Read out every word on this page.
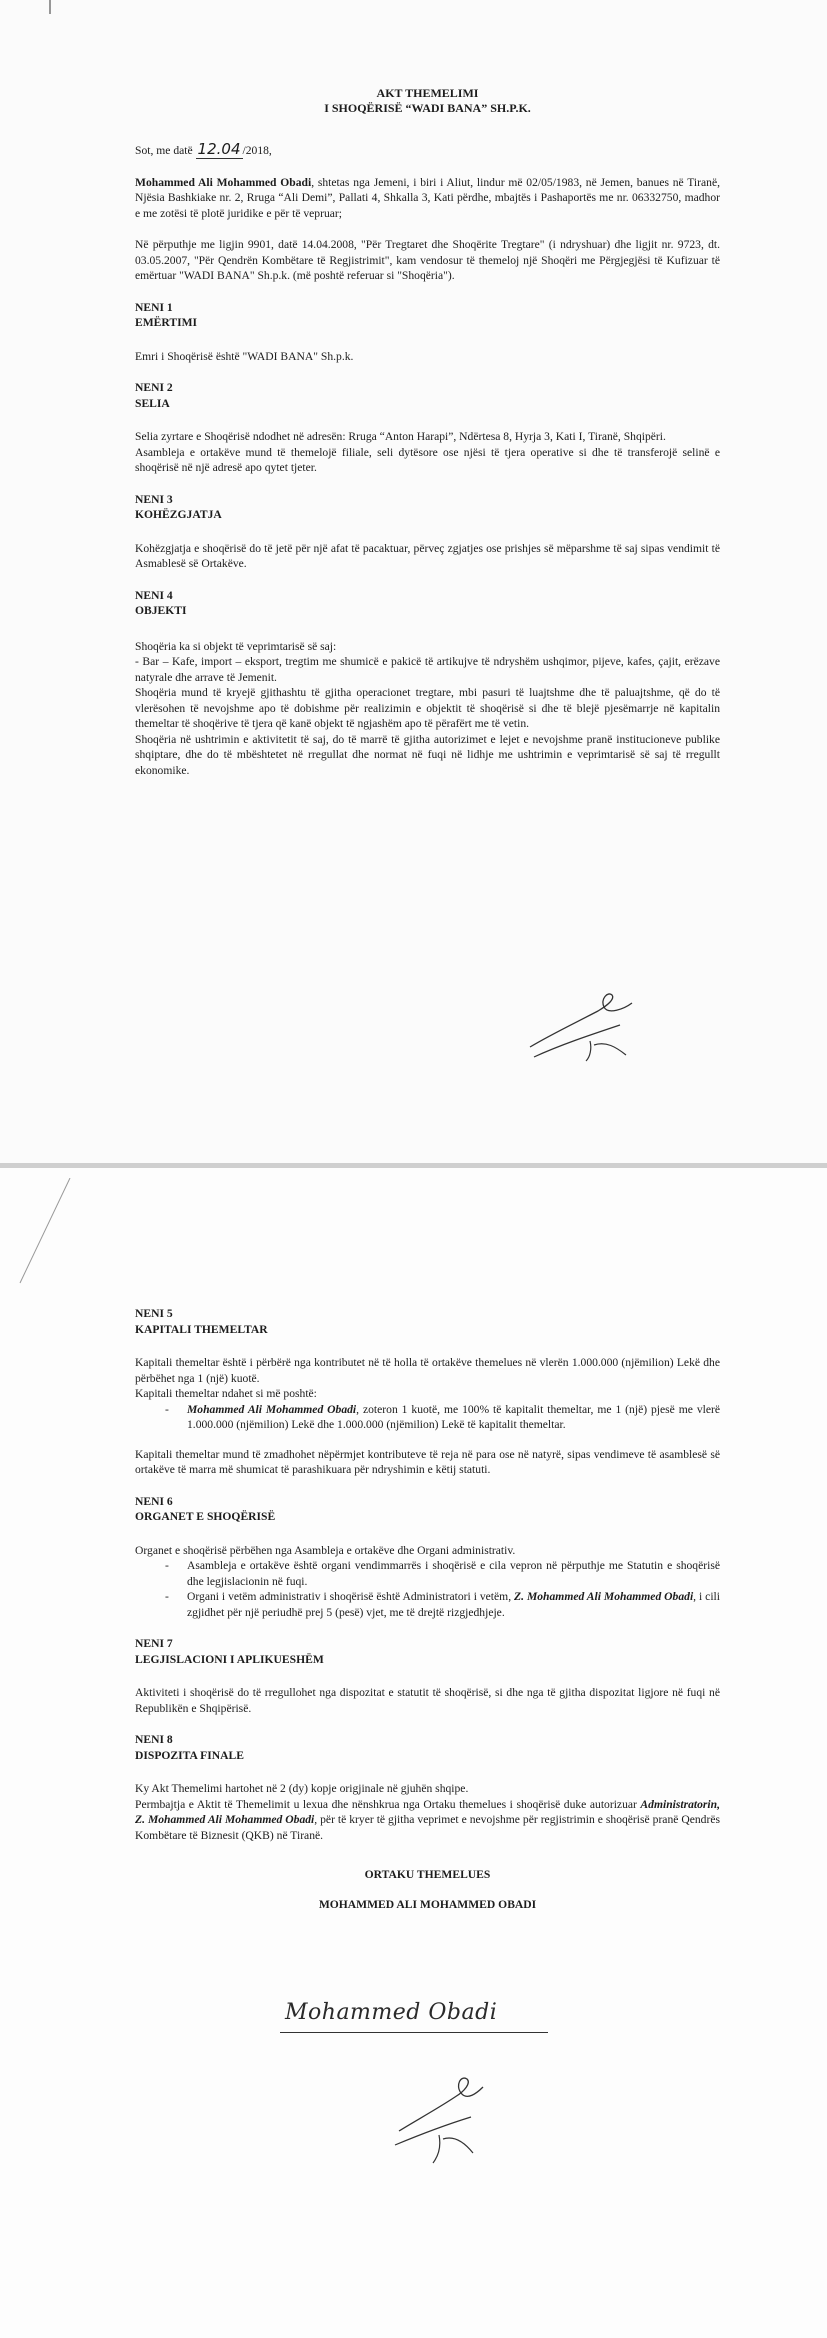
AKT THEMELIMI

I SHOQËRISË “WADI BANA” SH.P.K.

Sot, me datë 12.04 /2018,

Mohammed Ali Mohammed Obadi, shtetas nga Jemeni, i biri i Aliut, lindur më 02/05/1983, në Jemen, banues në Tiranë, Njësia Bashkiake nr. 2, Rruga “Ali Demi”, Pallati 4, Shkalla 3, Kati përdhe, mbajtës i Pashaportës me nr. 06332750, madhor e me zotësi të plotë juridike e për të vepruar;

Në përputhje me ligjin 9901, datë 14.04.2008, "Për Tregtaret dhe Shoqërite Tregtare" (i ndryshuar) dhe ligjit nr. 9723, dt. 03.05.2007, "Për Qendrën Kombëtare të Regjistrimit", kam vendosur të themeloj një Shoqëri me Përgjegjësi të Kufizuar të emërtuar "WADI BANA" Sh.p.k. (më poshtë referuar si "Shoqëria").

NENI 1

EMËRTIMI

Emri i Shoqërisë është "WADI BANA" Sh.p.k.

NENI 2

SELIA

Selia zyrtare e Shoqërisë ndodhet në adresën: Rruga “Anton Harapi”, Ndërtesa 8, Hyrja 3, Kati I, Tiranë, Shqipëri.

Asambleja e ortakëve mund të themelojë filiale, seli dytësore ose njësi të tjera operative si dhe të transferojë selinë e shoqërisë në një adresë apo qytet tjeter.

NENI 3

KOHËZGJATJA

Kohëzgjatja e shoqërisë do të jetë për një afat të pacaktuar, përveç zgjatjes ose prishjes së mëparshme të saj sipas vendimit të Asmablesë së Ortakëve.

NENI 4

OBJEKTI

Shoqëria ka si objekt të veprimtarisë së saj:

- Bar – Kafe, import – eksport, tregtim me shumicë e pakicë të artikujve të ndryshëm ushqimor, pijeve, kafes, çajit, erëzave natyrale dhe arrave të Jemenit.

Shoqëria mund të kryejë gjithashtu të gjitha operacionet tregtare, mbi pasuri të luajtshme dhe të paluajtshme, që do të vlerësohen të nevojshme apo të dobishme për realizimin e objektit të shoqërisë si dhe të blejë pjesëmarrje në kapitalin themeltar të shoqërive të tjera që kanë objekt të ngjashëm apo të përafërt me të vetin.

Shoqëria në ushtrimin e aktivitetit të saj, do të marrë të gjitha autorizimet e lejet e nevojshme pranë institucioneve publike shqiptare, dhe do të mbështetet në rregullat dhe normat në fuqi në lidhje me ushtrimin e veprimtarisë së saj të rregullt ekonomike.

NENI 5

KAPITALI THEMELTAR

Kapitali themeltar është i përbërë nga kontributet në të holla të ortakëve themelues në vlerën 1.000.000 (njëmilion) Lekë dhe përbëhet nga 1 (një) kuotë.

Kapitali themeltar ndahet si më poshtë:

-	Mohammed Ali Mohammed Obadi, zoteron 1 kuotë, me 100% të kapitalit themeltar, me 1 (një) pjesë me vlerë 1.000.000 (njëmilion) Lekë dhe 1.000.000 (njëmilion) Lekë të kapitalit themeltar.

Kapitali themeltar mund të zmadhohet nëpërmjet kontributeve të reja në para ose në natyrë, sipas vendimeve të asamblesë së ortakëve të marra më shumicat të parashikuara për ndryshimin e këtij statuti.

NENI 6

ORGANET E SHOQËRISË

Organet e shoqërisë përbëhen nga Asambleja e ortakëve dhe Organi administrativ.

-	Asambleja e ortakëve është organi vendimmarrës i shoqërisë e cila vepron në përputhje me Statutin e shoqërisë dhe legjislacionin në fuqi.
-	Organi i vetëm administrativ i shoqërisë është Administratori i vetëm, Z. Mohammed Ali Mohammed Obadi, i cili zgjidhet për një periudhë prej 5 (pesë) vjet, me të drejtë rizgjedhjeje.

NENI 7

LEGJISLACIONI I APLIKUESHËM

Aktiviteti i shoqërisë do të rregullohet nga dispozitat e statutit të shoqërisë, si dhe nga të gjitha dispozitat ligjore në fuqi në Republikën e Shqipërisë.

NENI 8

DISPOZITA FINALE

Ky Akt Themelimi hartohet në 2 (dy) kopje origjinale në gjuhën shqipe.

Permbajtja e Aktit të Themelimit u lexua dhe nënshkrua nga Ortaku themelues i shoqërisë duke autorizuar Administratorin, Z. Mohammed Ali Mohammed Obadi, për të kryer të gjitha veprimet e nevojshme për regjistrimin e shoqërisë pranë Qendrës Kombëtare të Biznesit (QKB) në Tiranë.

ORTAKU THEMELUES

MOHAMMED ALI MOHAMMED OBADI

Mohammed Obadi
